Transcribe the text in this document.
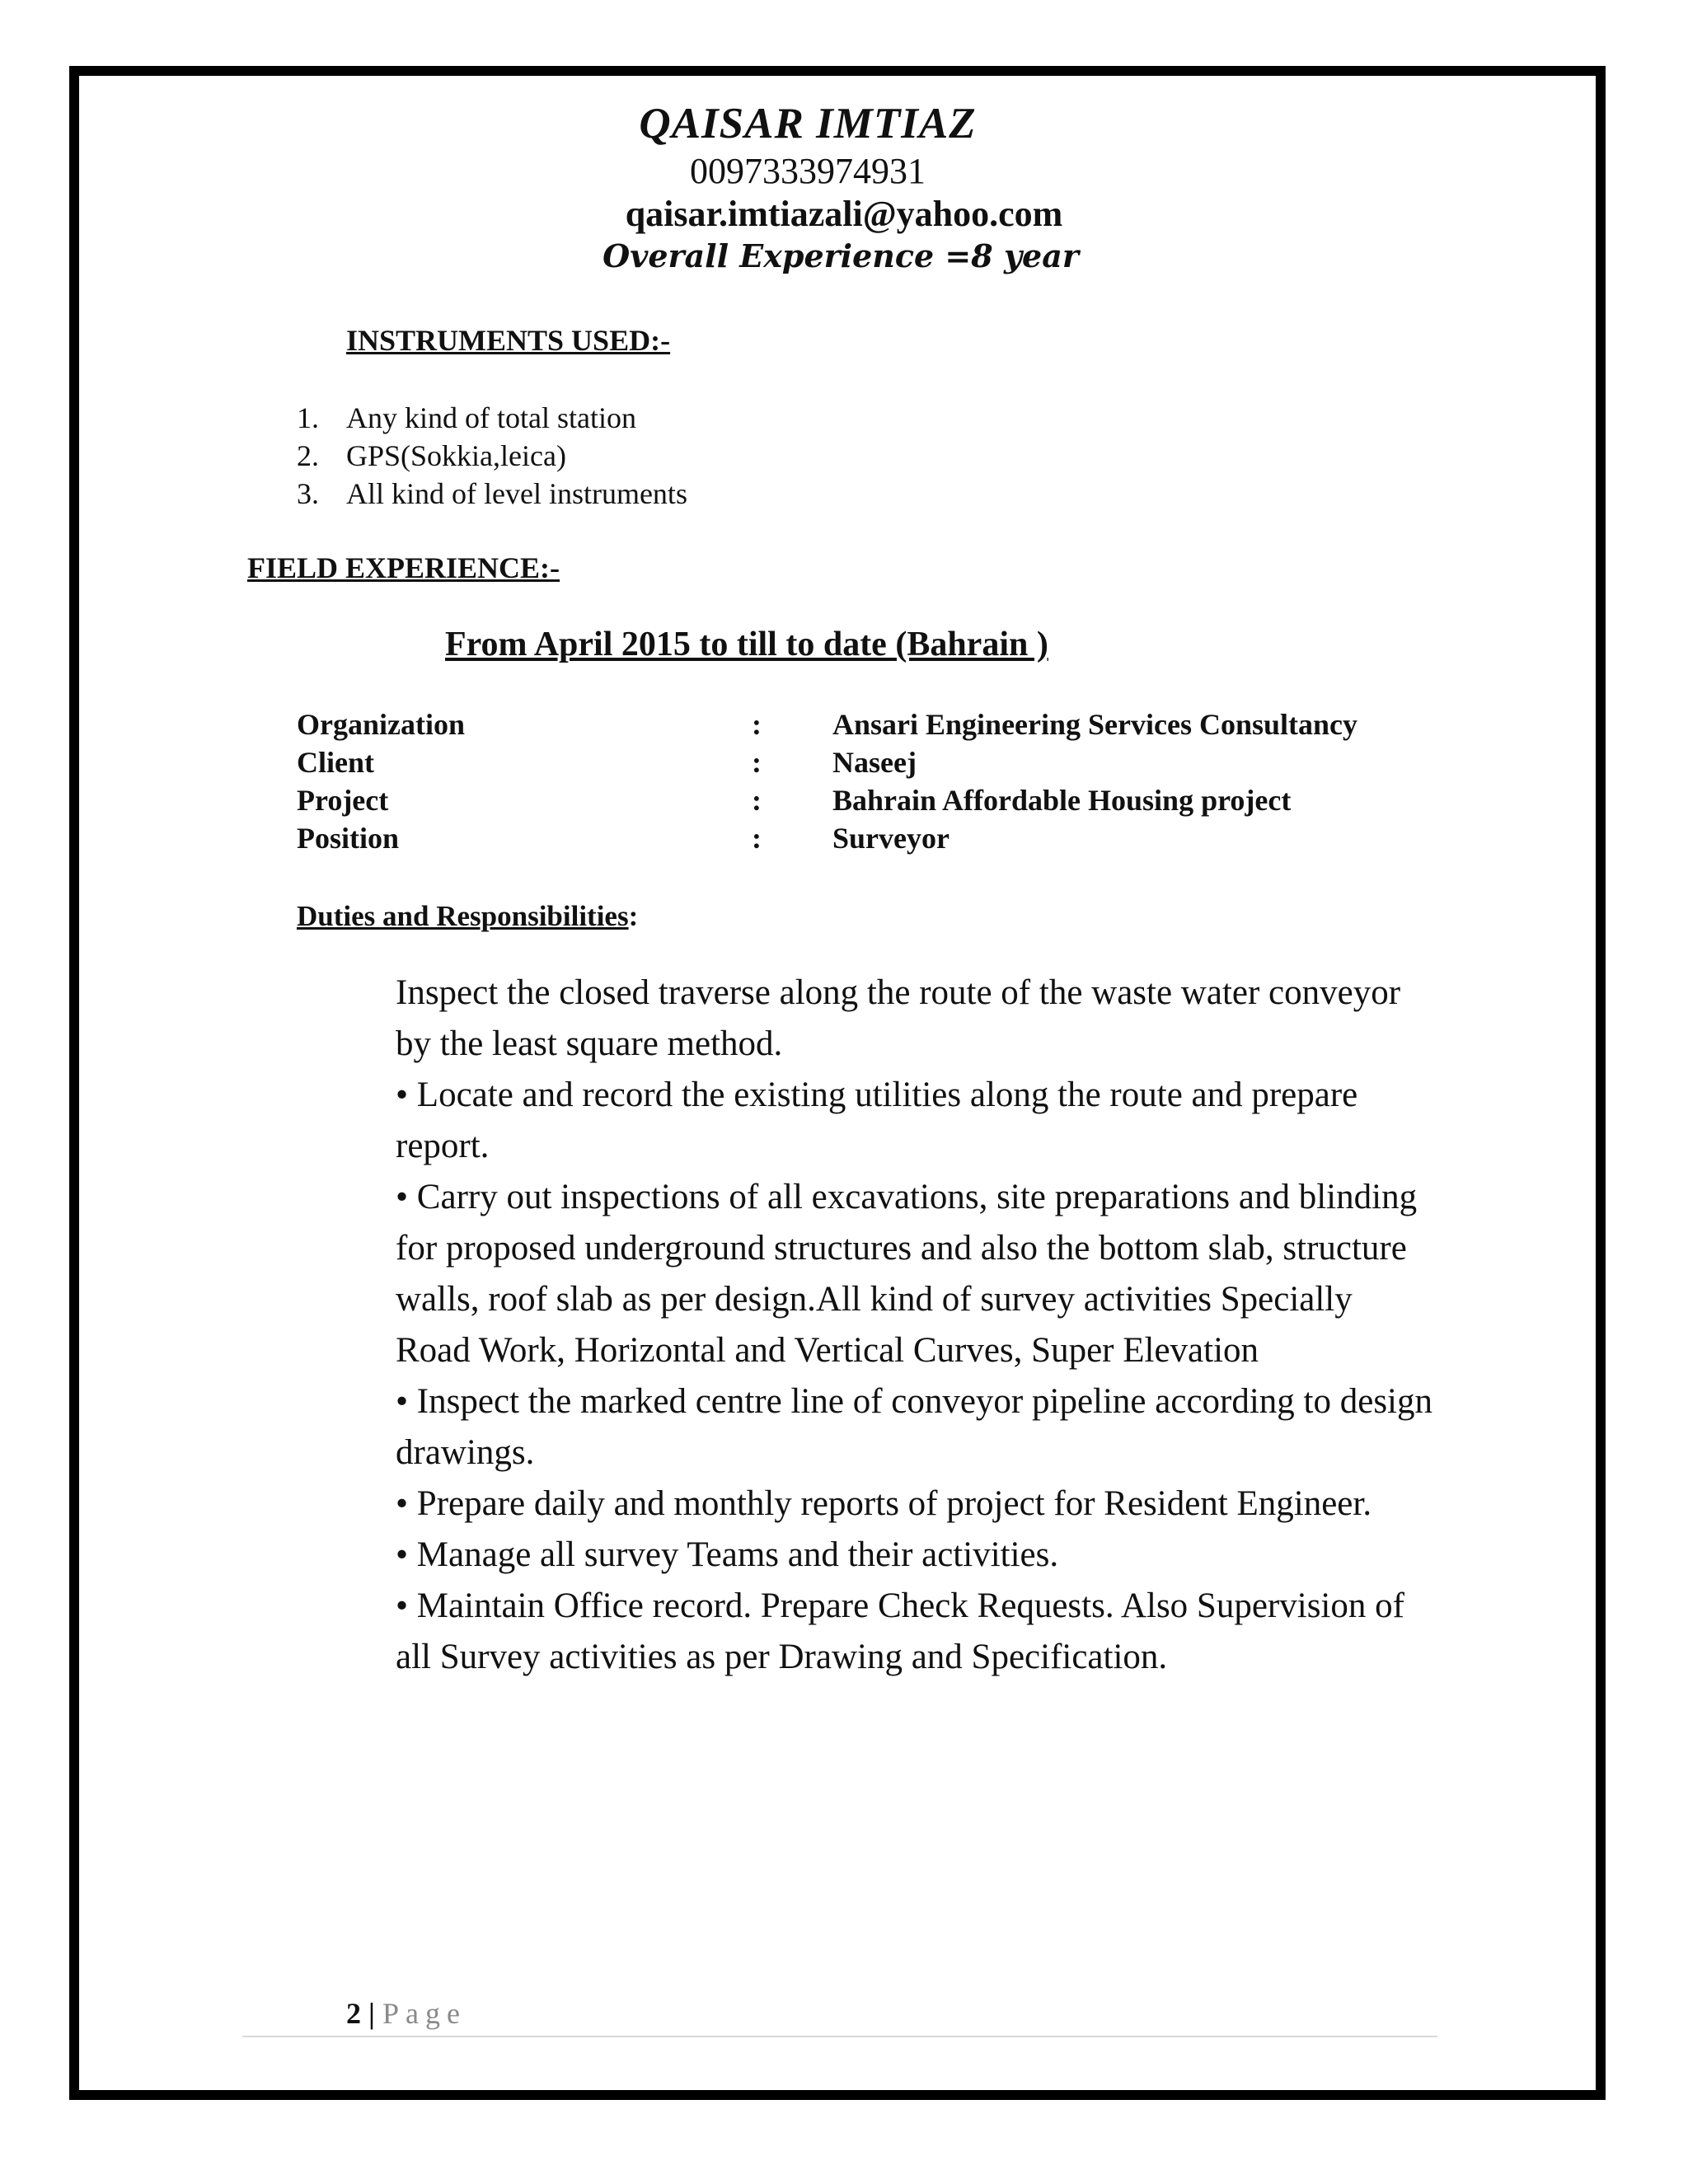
QAISAR IMTIAZ
0097333974931
qaisar.imtiazali@yahoo.com
Overall Experience =8 year
INSTRUMENTS USED:-
1. Any kind of total station
2. GPS(Sokkia,leica)
3. All kind of level instruments
FIELD EXPERIENCE:-
From April 2015 to till to date (Bahrain )
Organization	: Ansari Engineering Services Consultancy
Client	: Naseej
Project	: Bahrain Affordable Housing project
Position	: Surveyor
Duties and Responsibilities:

Inspect the closed traverse along the route of the waste water conveyor by the least square method.

• Locate and record the existing utilities along the route and prepare report.

• Carry out inspections of all excavations, site preparations and blinding for proposed underground structures and also the bottom slab, structure walls, roof slab as per design.All kind of survey activities Specially Road Work, Horizontal and Vertical Curves, Super Elevation

• Inspect the marked centre line of conveyor pipeline according to design drawings.

• Prepare daily and monthly reports of project for Resident Engineer.

• Manage all survey Teams and their activities.

• Maintain Office record. Prepare Check Requests. Also Supervision of all Survey activities as per Drawing and Specification.

2 | Page
